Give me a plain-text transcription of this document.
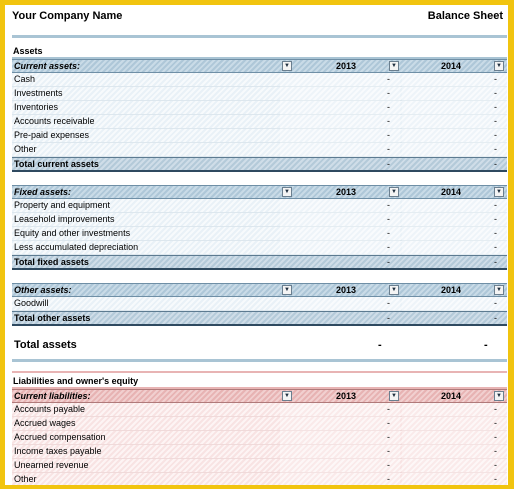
Your Company Name	Balance Sheet
Assets
Current assets:	▼	2013	▼	2014	▼
Cash	-	-
Investments	-	-
Inventories	-	-
Accounts receivable	-	-
Pre-paid expenses	-	-
Other	-	-
Total current assets	-	-
Fixed assets:	▼	2013	▼	2014	▼
Property and equipment	-	-
Leasehold improvements	-	-
Equity and other investments	-	-
Less accumulated depreciation	-	-
Total fixed assets	-	-
Other assets:	▼	2013	▼	2014	▼
Goodwill	-	-
Total other assets	-	-
Total assets	-	-
Liabilities and owner's equity
Current liabilities:	▼	2013	▼	2014	▼
Accounts payable	-	-
Accrued wages	-	-
Accrued compensation	-	-
Income taxes payable	-	-
Unearned revenue	-	-
Other	-	-
